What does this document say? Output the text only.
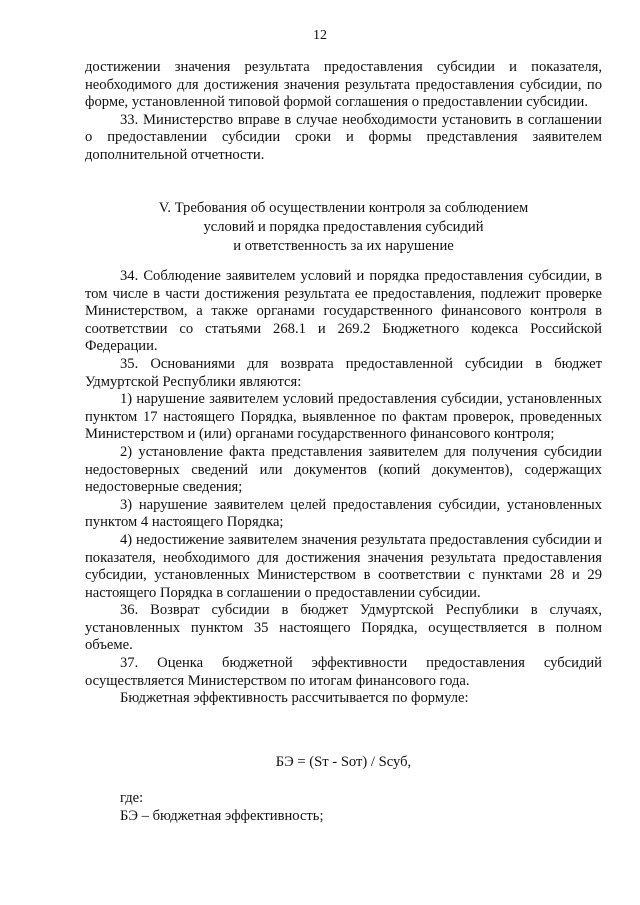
12

достижении значения результата предоставления субсидии и показателя, необходимого для достижения значения результата предоставления субсидии, по форме, установленной типовой формой соглашения о предоставлении субсидии.

33. Министерство вправе в случае необходимости установить в соглашении о предоставлении субсидии сроки и формы представления заявителем дополнительной отчетности.

V. Требования об осуществлении контроля за соблюдением
условий и порядка предоставления субсидий
и ответственность за их нарушение

34. Соблюдение заявителем условий и порядка предоставления субсидии, в том числе в части достижения результата ее предоставления, подлежит проверке Министерством, а также органами государственного финансового контроля в соответствии со статьями 268.1 и 269.2 Бюджетного кодекса Российской Федерации.

35. Основаниями для возврата предоставленной субсидии в бюджет Удмуртской Республики являются:

1) нарушение заявителем условий предоставления субсидии, установленных пунктом 17 настоящего Порядка, выявленное по фактам проверок, проведенных Министерством и (или) органами государственного финансового контроля;

2) установление факта представления заявителем для получения субсидии недостоверных сведений или документов (копий документов), содержащих недостоверные сведения;

3) нарушение заявителем целей предоставления субсидии, установленных пунктом 4 настоящего Порядка;

4) недостижение заявителем значения результата предоставления субсидии и показателя, необходимого для достижения значения результата предоставления субсидии, установленных Министерством в соответствии с пунктами 28 и 29 настоящего Порядка в соглашении о предоставлении субсидии.

36. Возврат субсидии в бюджет Удмуртской Республики в случаях, установленных пунктом 35 настоящего Порядка, осуществляется в полном объеме.

37. Оценка бюджетной эффективности предоставления субсидий осуществляется Министерством по итогам финансового года.

Бюджетная эффективность рассчитывается по формуле:

БЭ = (Sт - Sот) / Sсуб,

где:

БЭ – бюджетная эффективность;
